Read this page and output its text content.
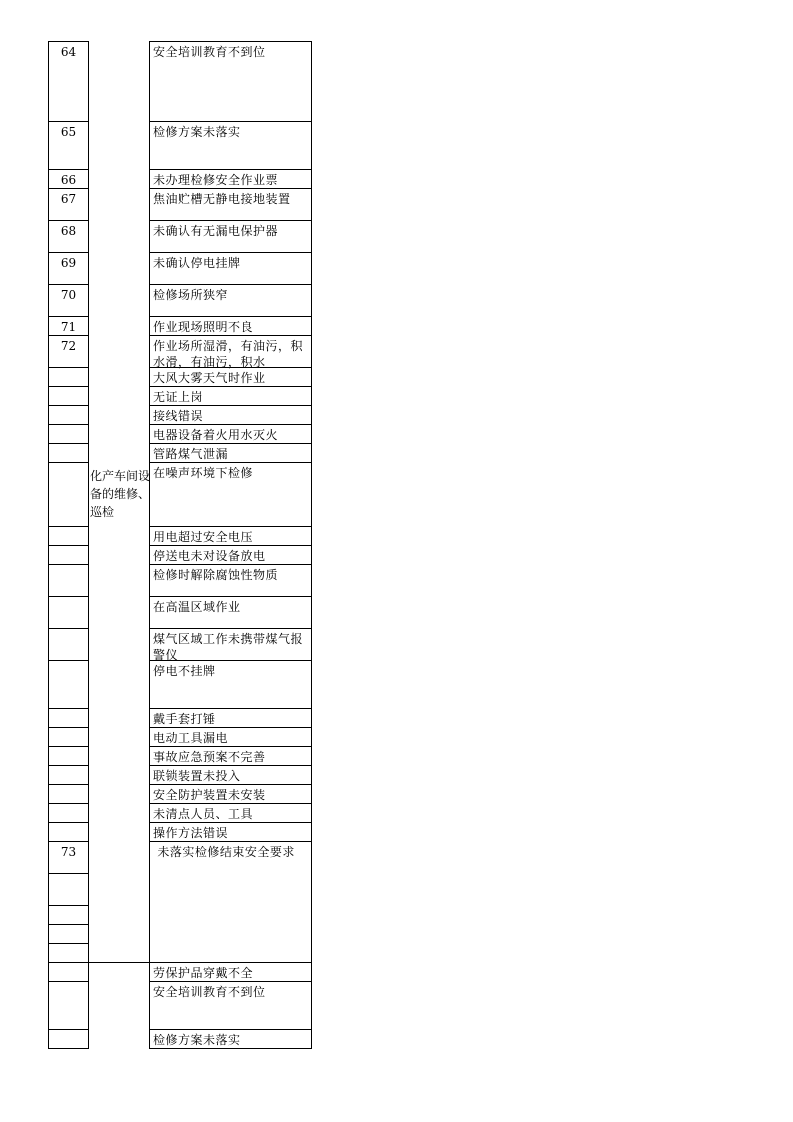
64
65
66
67
68
69
70
71
72
73
化产车间设备的维修、巡检
安全培训教育不到位
检修方案未落实
未办理检修安全作业票
焦油贮槽无静电接地装置
未确认有无漏电保护器
未确认停电挂牌
检修场所狭窄
作业现场照明不良
作业场所湿滑，有油污，积水滑，有油污，积水
大风大雾天气时作业
无证上岗
接线错误
电器设备着火用水灭火
管路煤气泄漏
在噪声环境下检修
用电超过安全电压
停送电未对设备放电
检修时解除腐蚀性物质
在高温区域作业
煤气区域工作未携带煤气报警仪
停电不挂牌
戴手套打锤
电动工具漏电
事故应急预案不完善
联锁装置未投入
安全防护装置未安装
未清点人员、工具
操作方法错误
未落实检修结束安全要求
劳保护品穿戴不全
安全培训教育不到位
检修方案未落实
